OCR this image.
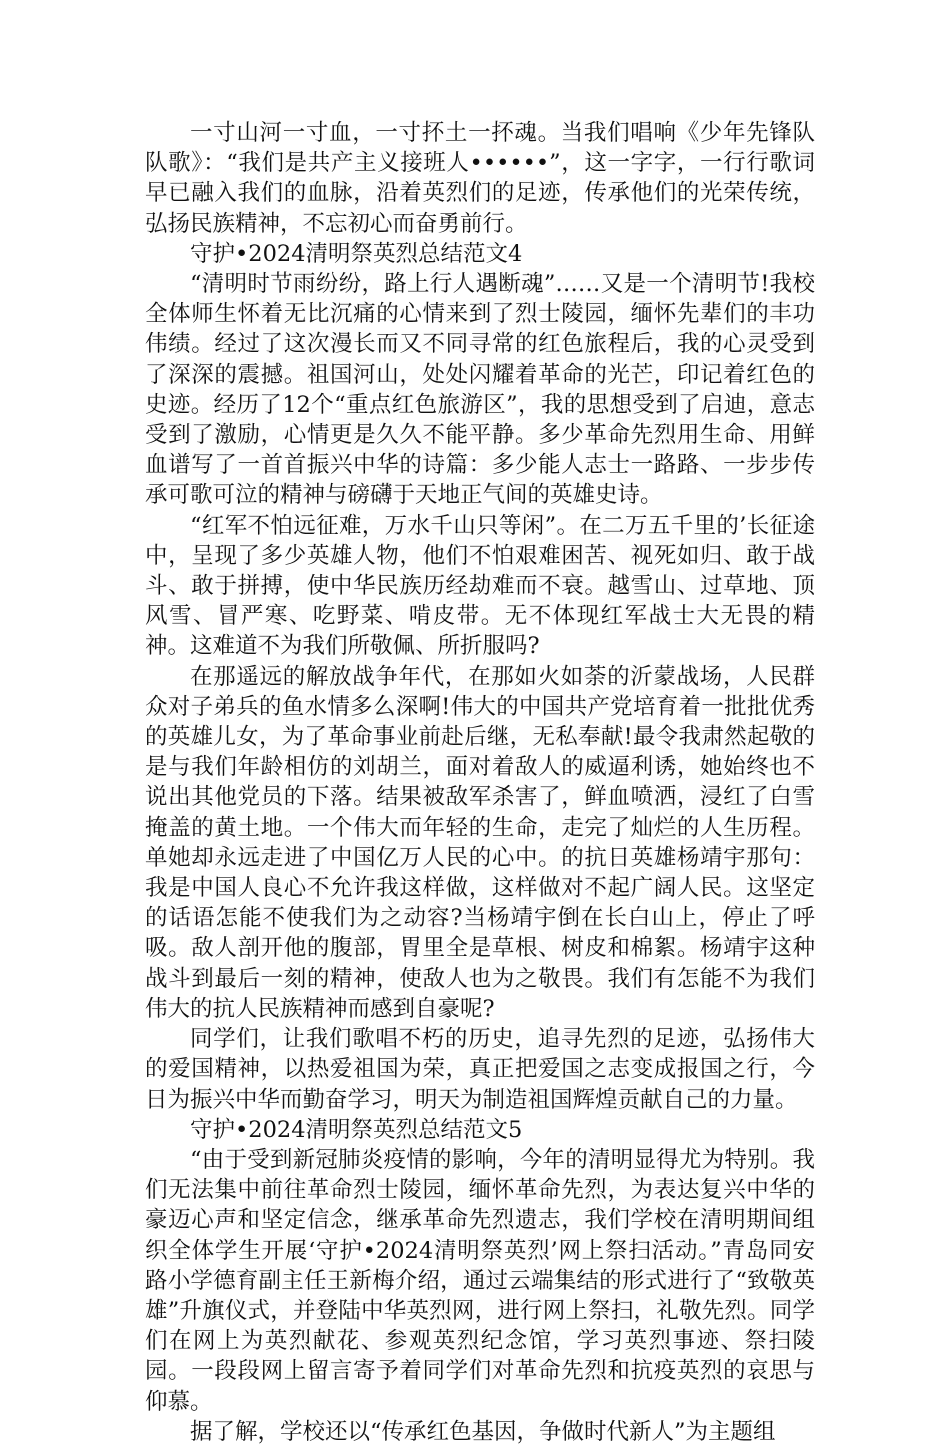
一寸山河一寸血，一寸抔土一抔魂。当我们唱响《少年先锋队队歌》：“我们是共产主义接班人••••••”，这一字字，一行行歌词早已融入我们的血脉，沿着英烈们的足迹，传承他们的光荣传统，弘扬民族精神，不忘初心而奋勇前行。

守护•2024清明祭英烈总结范文4

“清明时节雨纷纷，路上行人遇断魂”……又是一个清明节!我校全体师生怀着无比沉痛的心情来到了烈士陵园，缅怀先辈们的丰功伟绩。经过了这次漫长而又不同寻常的红色旅程后，我的心灵受到了深深的震撼。祖国河山，处处闪耀着革命的光芒，印记着红色的史迹。经历了12个“重点红色旅游区”，我的思想受到了启迪，意志受到了激励，心情更是久久不能平静。多少革命先烈用生命、用鲜血谱写了一首首振兴中华的诗篇：多少能人志士一路路、一步步传承可歌可泣的精神与磅礴于天地正气间的英雄史诗。

“红军不怕远征难，万水千山只等闲”。在二万五千里的’长征途中，呈现了多少英雄人物，他们不怕艰难困苦、视死如归、敢于战斗、敢于拼搏，使中华民族历经劫难而不衰。越雪山、过草地、顶风雪、冒严寒、吃野菜、啃皮带。无不体现红军战士大无畏的精神。这难道不为我们所敬佩、所折服吗?

在那遥远的解放战争年代，在那如火如荼的沂蒙战场，人民群众对子弟兵的鱼水情多么深啊!伟大的中国共产党培育着一批批优秀的英雄儿女，为了革命事业前赴后继，无私奉献!最令我肃然起敬的是与我们年龄相仿的刘胡兰，面对着敌人的威逼利诱，她始终也不说出其他党员的下落。结果被敌军杀害了，鲜血喷洒，浸红了白雪掩盖的黄土地。一个伟大而年轻的生命，走完了灿烂的人生历程。单她却永远走进了中国亿万人民的心中。的抗日英雄杨靖宇那句：我是中国人良心不允许我这样做，这样做对不起广阔人民。这坚定的话语怎能不使我们为之动容?当杨靖宇倒在长白山上，停止了呼吸。敌人剖开他的腹部，胃里全是草根、树皮和棉絮。杨靖宇这种战斗到最后一刻的精神，使敌人也为之敬畏。我们有怎能不为我们伟大的抗人民族精神而感到自豪呢?

同学们，让我们歌唱不朽的历史，追寻先烈的足迹，弘扬伟大的爱国精神，以热爱祖国为荣，真正把爱国之志变成报国之行，今日为振兴中华而勤奋学习，明天为制造祖国辉煌贡献自己的力量。

守护•2024清明祭英烈总结范文5

“由于受到新冠肺炎疫情的影响，今年的清明显得尤为特别。我们无法集中前往革命烈士陵园，缅怀革命先烈，为表达复兴中华的豪迈心声和坚定信念，继承革命先烈遗志，我们学校在清明期间组织全体学生开展‘守护•2024清明祭英烈’网上祭扫活动。”青岛同安路小学德育副主任王新梅介绍，通过云端集结的形式进行了“致敬英雄”升旗仪式，并登陆中华英烈网，进行网上祭扫，礼敬先烈。同学们在网上为英烈献花、参观英烈纪念馆，学习英烈事迹、祭扫陵园。一段段网上留言寄予着同学们对革命先烈和抗疫英烈的哀思与仰慕。

据了解，学校还以“传承红色基因，争做时代新人”为主题组
